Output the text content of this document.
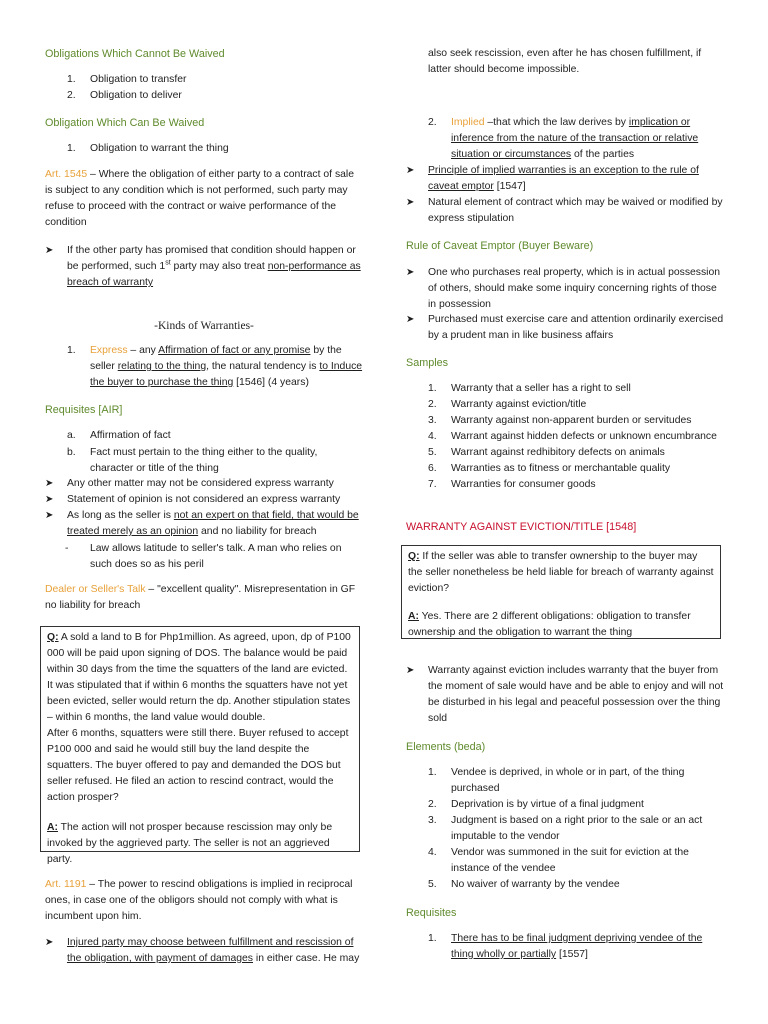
Obligations Which Cannot Be Waived
1. Obligation to transfer
2. Obligation to deliver
Obligation Which Can Be Waived
1. Obligation to warrant the thing
Art. 1545 – Where the obligation of either party to a contract of sale is subject to any condition which is not performed, such party may refuse to proceed with the contract or waive performance of the condition
➤ If the other party has promised that condition should happen or be performed, such 1st party may also treat non-performance as breach of warranty
-Kinds of Warranties-
1. Express – any Affirmation of fact or any promise by the seller relating to the thing, the natural tendency is to Induce the buyer to purchase the thing [1546] (4 years)
Requisites [AIR]
a. Affirmation of fact
b. Fact must pertain to the thing either to the quality, character or title of the thing
➤ Any other matter may not be considered express warranty
➤ Statement of opinion is not considered an express warranty
➤ As long as the seller is not an expert on that field, that would be treated merely as an opinion and no liability for breach
- Law allows latitude to seller's talk. A man who relies on such does so as his peril
Dealer or Seller's Talk – "excellent quality". Misrepresentation in GF no liability for breach
Q: A sold a land to B for Php1million. As agreed, upon, dp of P100 000 will be paid upon signing of DOS. The balance would be paid within 30 days from the time the squatters of the land are evicted. It was stipulated that if within 6 months the squatters have not yet been evicted, seller would return the dp. Another stipulation states – within 6 months, the land value would double.
After 6 months, squatters were still there. Buyer refused to accept P100 000 and said he would still buy the land despite the squatters. The buyer offered to pay and demanded the DOS but seller refused. He filed an action to rescind contract, would the action prosper?
A: The action will not prosper because rescission may only be invoked by the aggrieved party. The seller is not an aggrieved party.
Art. 1191 – The power to rescind obligations is implied in reciprocal ones, in case one of the obligors should not comply with what is incumbent upon him.
➤ Injured party may choose between fulfillment and rescission of the obligation, with payment of damages in either case. He may
also seek rescission, even after he has chosen fulfillment, if latter should become impossible.
2. Implied –that which the law derives by implication or inference from the nature of the transaction or relative situation or circumstances of the parties
➤ Principle of implied warranties is an exception to the rule of caveat emptor [1547]
➤ Natural element of contract which may be waived or modified by express stipulation
Rule of Caveat Emptor (Buyer Beware)
➤ One who purchases real property, which is in actual possession of others, should make some inquiry concerning rights of those in possession
➤ Purchased must exercise care and attention ordinarily exercised by a prudent man in like business affairs
Samples
1. Warranty that a seller has a right to sell
2. Warranty against eviction/title
3. Warranty against non-apparent burden or servitudes
4. Warrant against hidden defects or unknown encumbrance
5. Warrant against redhibitory defects on animals
6. Warranties as to fitness or merchantable quality
7. Warranties for consumer goods
WARRANTY AGAINST EVICTION/TITLE [1548]
Q: If the seller was able to transfer ownership to the buyer may the seller nonetheless be held liable for breach of warranty against eviction?
A: Yes. There are 2 different obligations: obligation to transfer ownership and the obligation to warrant the thing
➤ Warranty against eviction includes warranty that the buyer from the moment of sale would have and be able to enjoy and will not be disturbed in his legal and peaceful possession over the thing sold
Elements (beda)
1. Vendee is deprived, in whole or in part, of the thing purchased
2. Deprivation is by virtue of a final judgment
3. Judgment is based on a right prior to the sale or an act imputable to the vendor
4. Vendor was summoned in the suit for eviction at the instance of the vendee
5. No waiver of warranty by the vendee
Requisites
1. There has to be final judgment depriving vendee of the thing wholly or partially [1557]
